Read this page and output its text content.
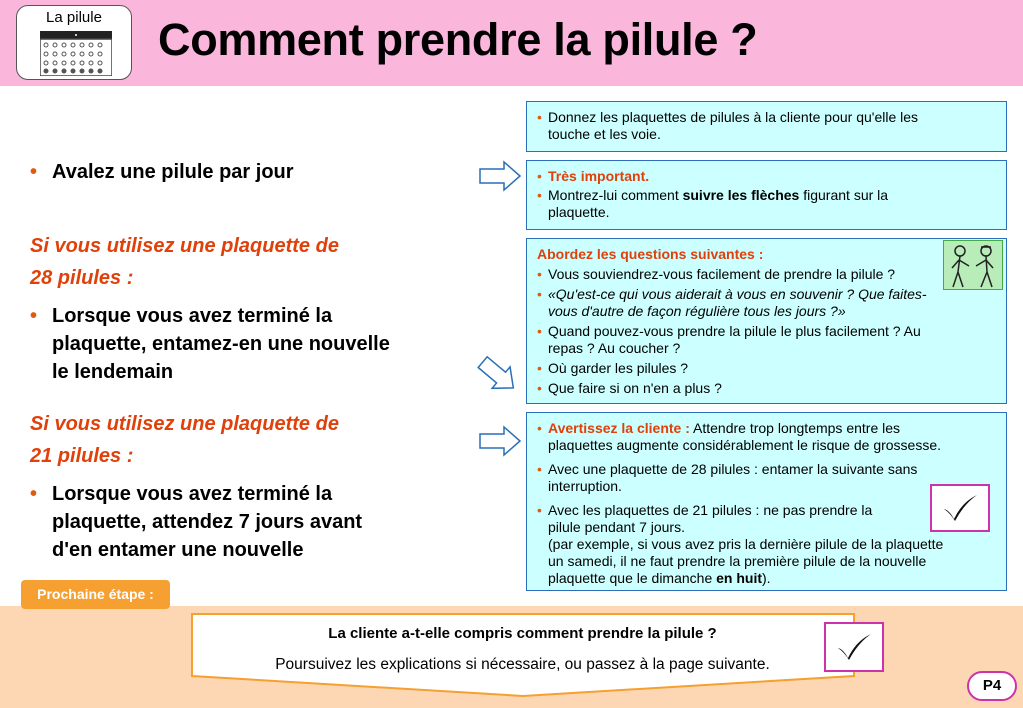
La pilule	Comment prendre la pilule ?
• Avalez une pilule par jour
Si vous utilisez une plaquette de
28 pilules :
• Lorsque vous avez terminé la
plaquette, entamez-en une nouvelle
le lendemain
Si vous utilisez une plaquette de
21 pilules :
• Lorsque vous avez terminé la
plaquette, attendez 7 jours avant
d'en entamer une nouvelle
• Donnez les plaquettes de pilules à la cliente pour qu'elle les
touche et les voie.
• Très important.
• Montrez-lui comment suivre les flèches figurant sur la
plaquette.
Abordez les questions suivantes :
• Vous souviendrez-vous facilement de prendre la pilule ?
• «Qu'est-ce qui vous aiderait à vous en souvenir ? Que faites-
vous d'autre de façon régulière tous les jours ?»
• Quand pouvez-vous prendre la pilule le plus facilement ? Au
repas ? Au coucher ?
• Où garder les pilules ?
• Que faire si on n'en a plus ?
• Avertissez la cliente : Attendre trop longtemps entre les
plaquettes augmente considérablement le risque de grossesse.
• Avec une plaquette de 28 pilules : entamer la suivante sans
interruption.
• Avec les plaquettes de 21 pilules : ne pas prendre la
pilule pendant 7 jours.
(par exemple, si vous avez pris la dernière pilule de la plaquette
un samedi, il ne faut prendre la première pilule de la nouvelle
plaquette que le dimanche en huit).
Prochaine étape :
La cliente a-t-elle compris comment prendre la pilule ?
Poursuivez les explications si nécessaire, ou passez à la page suivante.
P4
